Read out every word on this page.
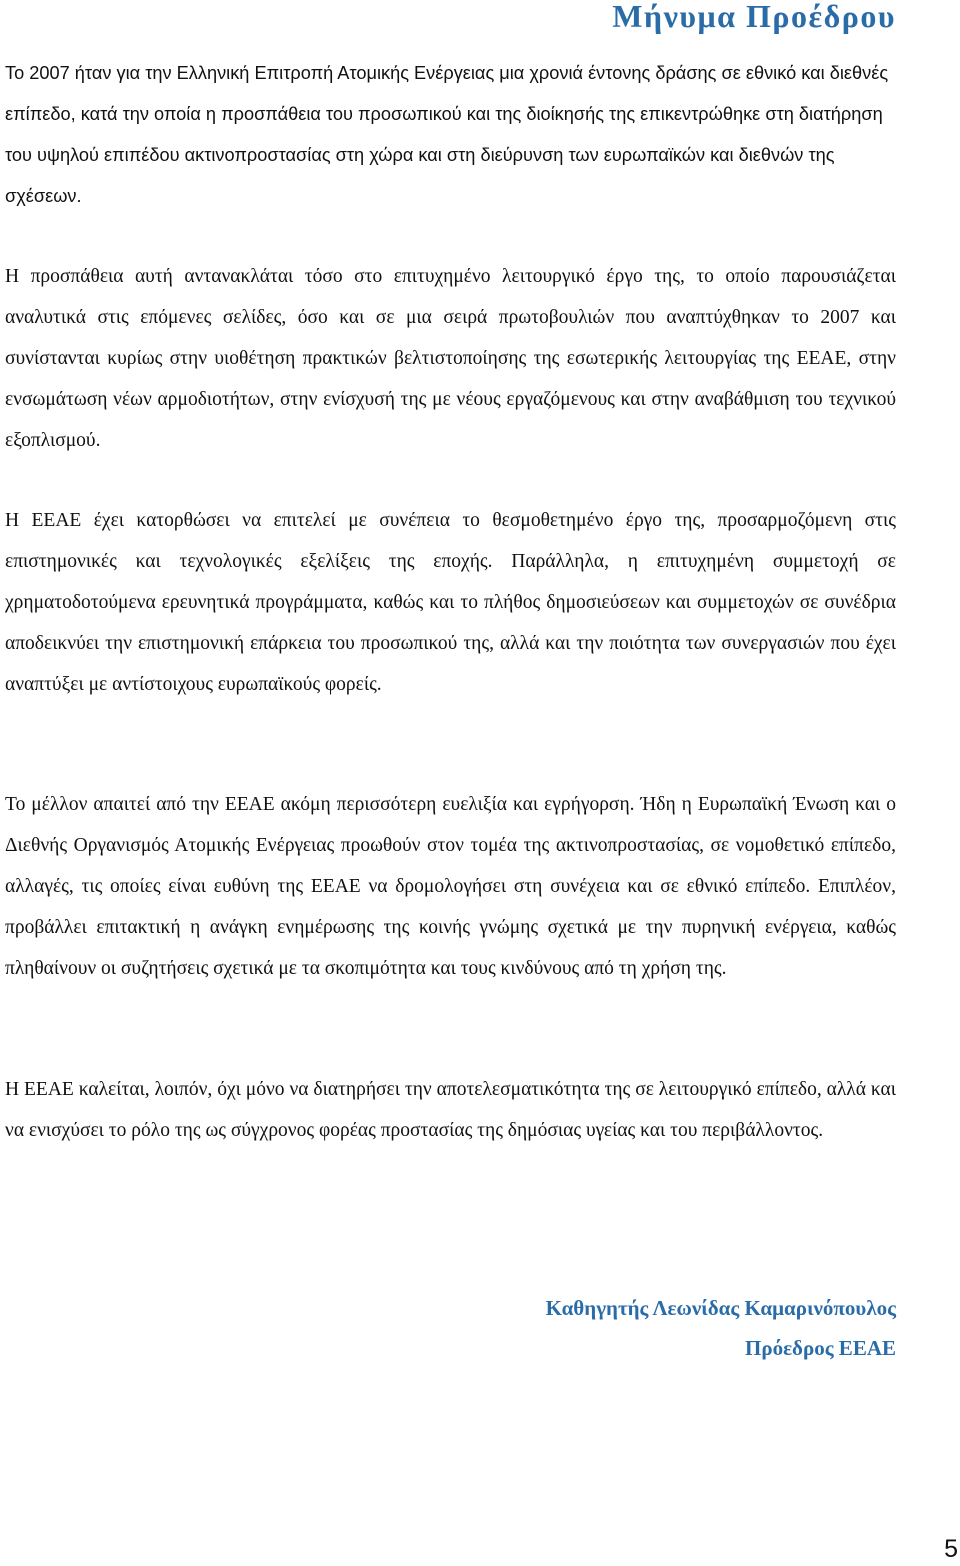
Μήνυμα Προέδρου

Το 2007 ήταν για την Ελληνική Επιτροπή Ατομικής Ενέργειας μια χρονιά έντονης δράσης σε εθνικό και διεθνές επίπεδο, κατά την οποία η προσπάθεια του προσωπικού και της διοίκησής της επικεντρώθηκε στη διατήρηση του υψηλού επιπέδου ακτινοπροστασίας στη χώρα και στη διεύρυνση των ευρωπαϊκών και διεθνών της σχέσεων.

Η προσπάθεια αυτή αντανακλάται τόσο στο επιτυχημένο λειτουργικό έργο της, το οποίο παρουσιάζεται αναλυτικά στις επόμενες σελίδες, όσο και σε μια σειρά πρωτοβουλιών που αναπτύχθηκαν το 2007 και συνίστανται κυρίως στην υιοθέτηση πρακτικών βελτιστοποίησης της εσωτερικής λειτουργίας της ΕΕΑΕ, στην ενσωμάτωση νέων αρμοδιοτήτων, στην ενίσχυσή της με νέους εργαζόμενους και στην αναβάθμιση του τεχνικού εξοπλισμού.

Η ΕΕΑΕ έχει κατορθώσει να επιτελεί με συνέπεια το θεσμοθετημένο έργο της, προσαρμοζόμενη στις επιστημονικές και τεχνολογικές εξελίξεις της εποχής. Παράλληλα, η επιτυχημένη συμμετοχή σε χρηματοδοτούμενα ερευνητικά προγράμματα, καθώς και το πλήθος δημοσιεύσεων και συμμετοχών σε συνέδρια αποδεικνύει την επιστημονική επάρκεια του προσωπικού της, αλλά και την ποιότητα των συνεργασιών που έχει αναπτύξει με αντίστοιχους ευρωπαϊκούς φορείς.

Το μέλλον απαιτεί από την ΕΕΑΕ ακόμη περισσότερη ευελιξία και εγρήγορση. Ήδη η Ευρωπαϊκή Ένωση και ο Διεθνής Οργανισμός Ατομικής Ενέργειας προωθούν στον τομέα της ακτινοπροστασίας, σε νομοθετικό επίπεδο, αλλαγές, τις οποίες είναι ευθύνη της ΕΕΑΕ να δρομολογήσει στη συνέχεια και σε εθνικό επίπεδο. Επιπλέον, προβάλλει επιτακτική η ανάγκη ενημέρωσης της κοινής γνώμης σχετικά με την πυρηνική ενέργεια, καθώς πληθαίνουν οι συζητήσεις σχετικά με τα σκοπιμότητα και τους κινδύνους από τη χρήση της.

Η ΕΕΑΕ καλείται, λοιπόν, όχι μόνο να διατηρήσει την αποτελεσματικότητα της σε λειτουργικό επίπεδο, αλλά και να ενισχύσει το ρόλο της ως σύγχρονος φορέας προστασίας της δημόσιας υγείας και του περιβάλλοντος.

Καθηγητής Λεωνίδας Καμαρινόπουλος

Πρόεδρος ΕΕΑΕ

5
